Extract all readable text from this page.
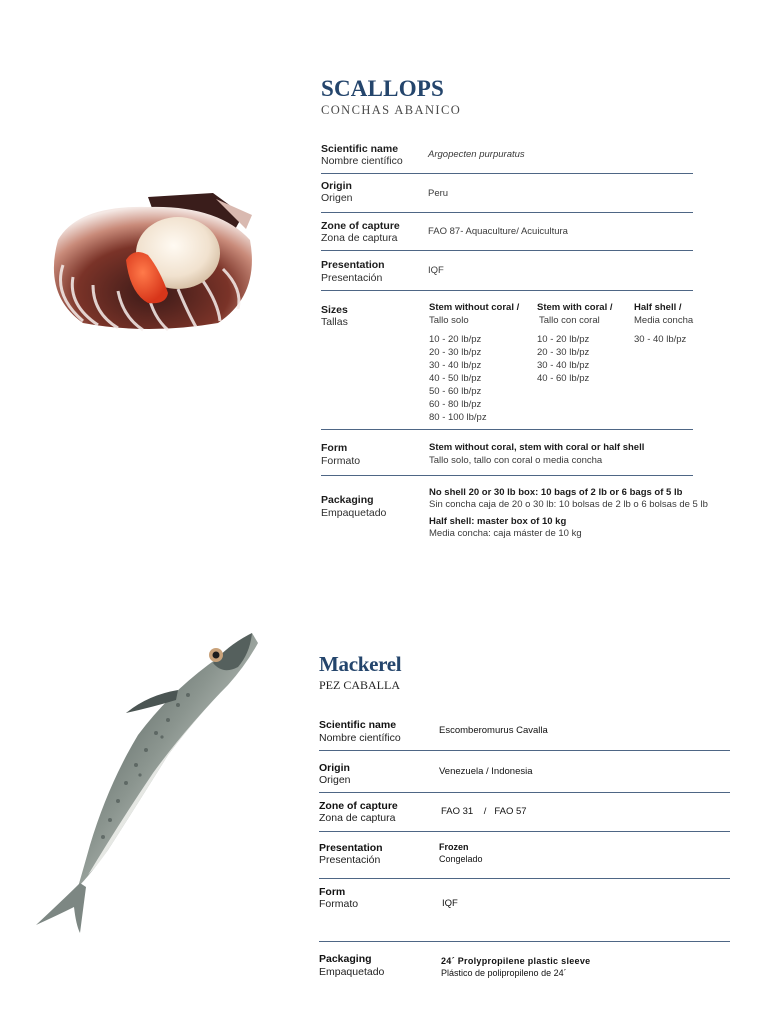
SCALLOPS
CONCHAS ABANICO
Scientific name
Nombre científico
Argopecten purpuratus
Origin
Origen	Peru
Zone of capture
Zona de captura
FAO 87- Aquaculture/ Acuicultura
Presentation
Presentación
IQF
Sizes
Tallas
Stem without coral /
Tallo solo
10 - 20 lb/pz
20 - 30 lb/pz
30 - 40 lb/pz
40 - 50 lb/pz
50 - 60 lb/pz
60 - 80 lb/pz
80 - 100 lb/pz
Stem with coral /
Tallo con coral
10 - 20 lb/pz
20 - 30 lb/pz
30 - 40 lb/pz
40 - 60 lb/pz
Half shell /
Media concha
30 - 40 lb/pz
Form
Formato
Stem without coral, stem with coral or half shell
Tallo solo, tallo con coral o media concha
Packaging
Empaquetado
No shell 20 or 30 lb box: 10 bags of 2 lb or 6 bags of 5 lb
Sin concha caja de 20 o 30 lb: 10 bolsas de 2 lb o 6 bolsas de 5 lb
Half shell: master box of 10 kg
Media concha: caja máster de 10 kg
Mackerel
PEZ CABALLA
Scientific name
Nombre científico
Escomberomurus Cavalla
Origin
Origen
Venezuela / Indonesia
Zone of capture
Zona de captura
FAO 31    /   FAO 57
Presentation
Presentación
Frozen
Congelado
Form
Formato	IQF
Packaging
Empaquetado
24´ Prolypropilene plastic sleeve
Plástico de polipropileno de 24´
